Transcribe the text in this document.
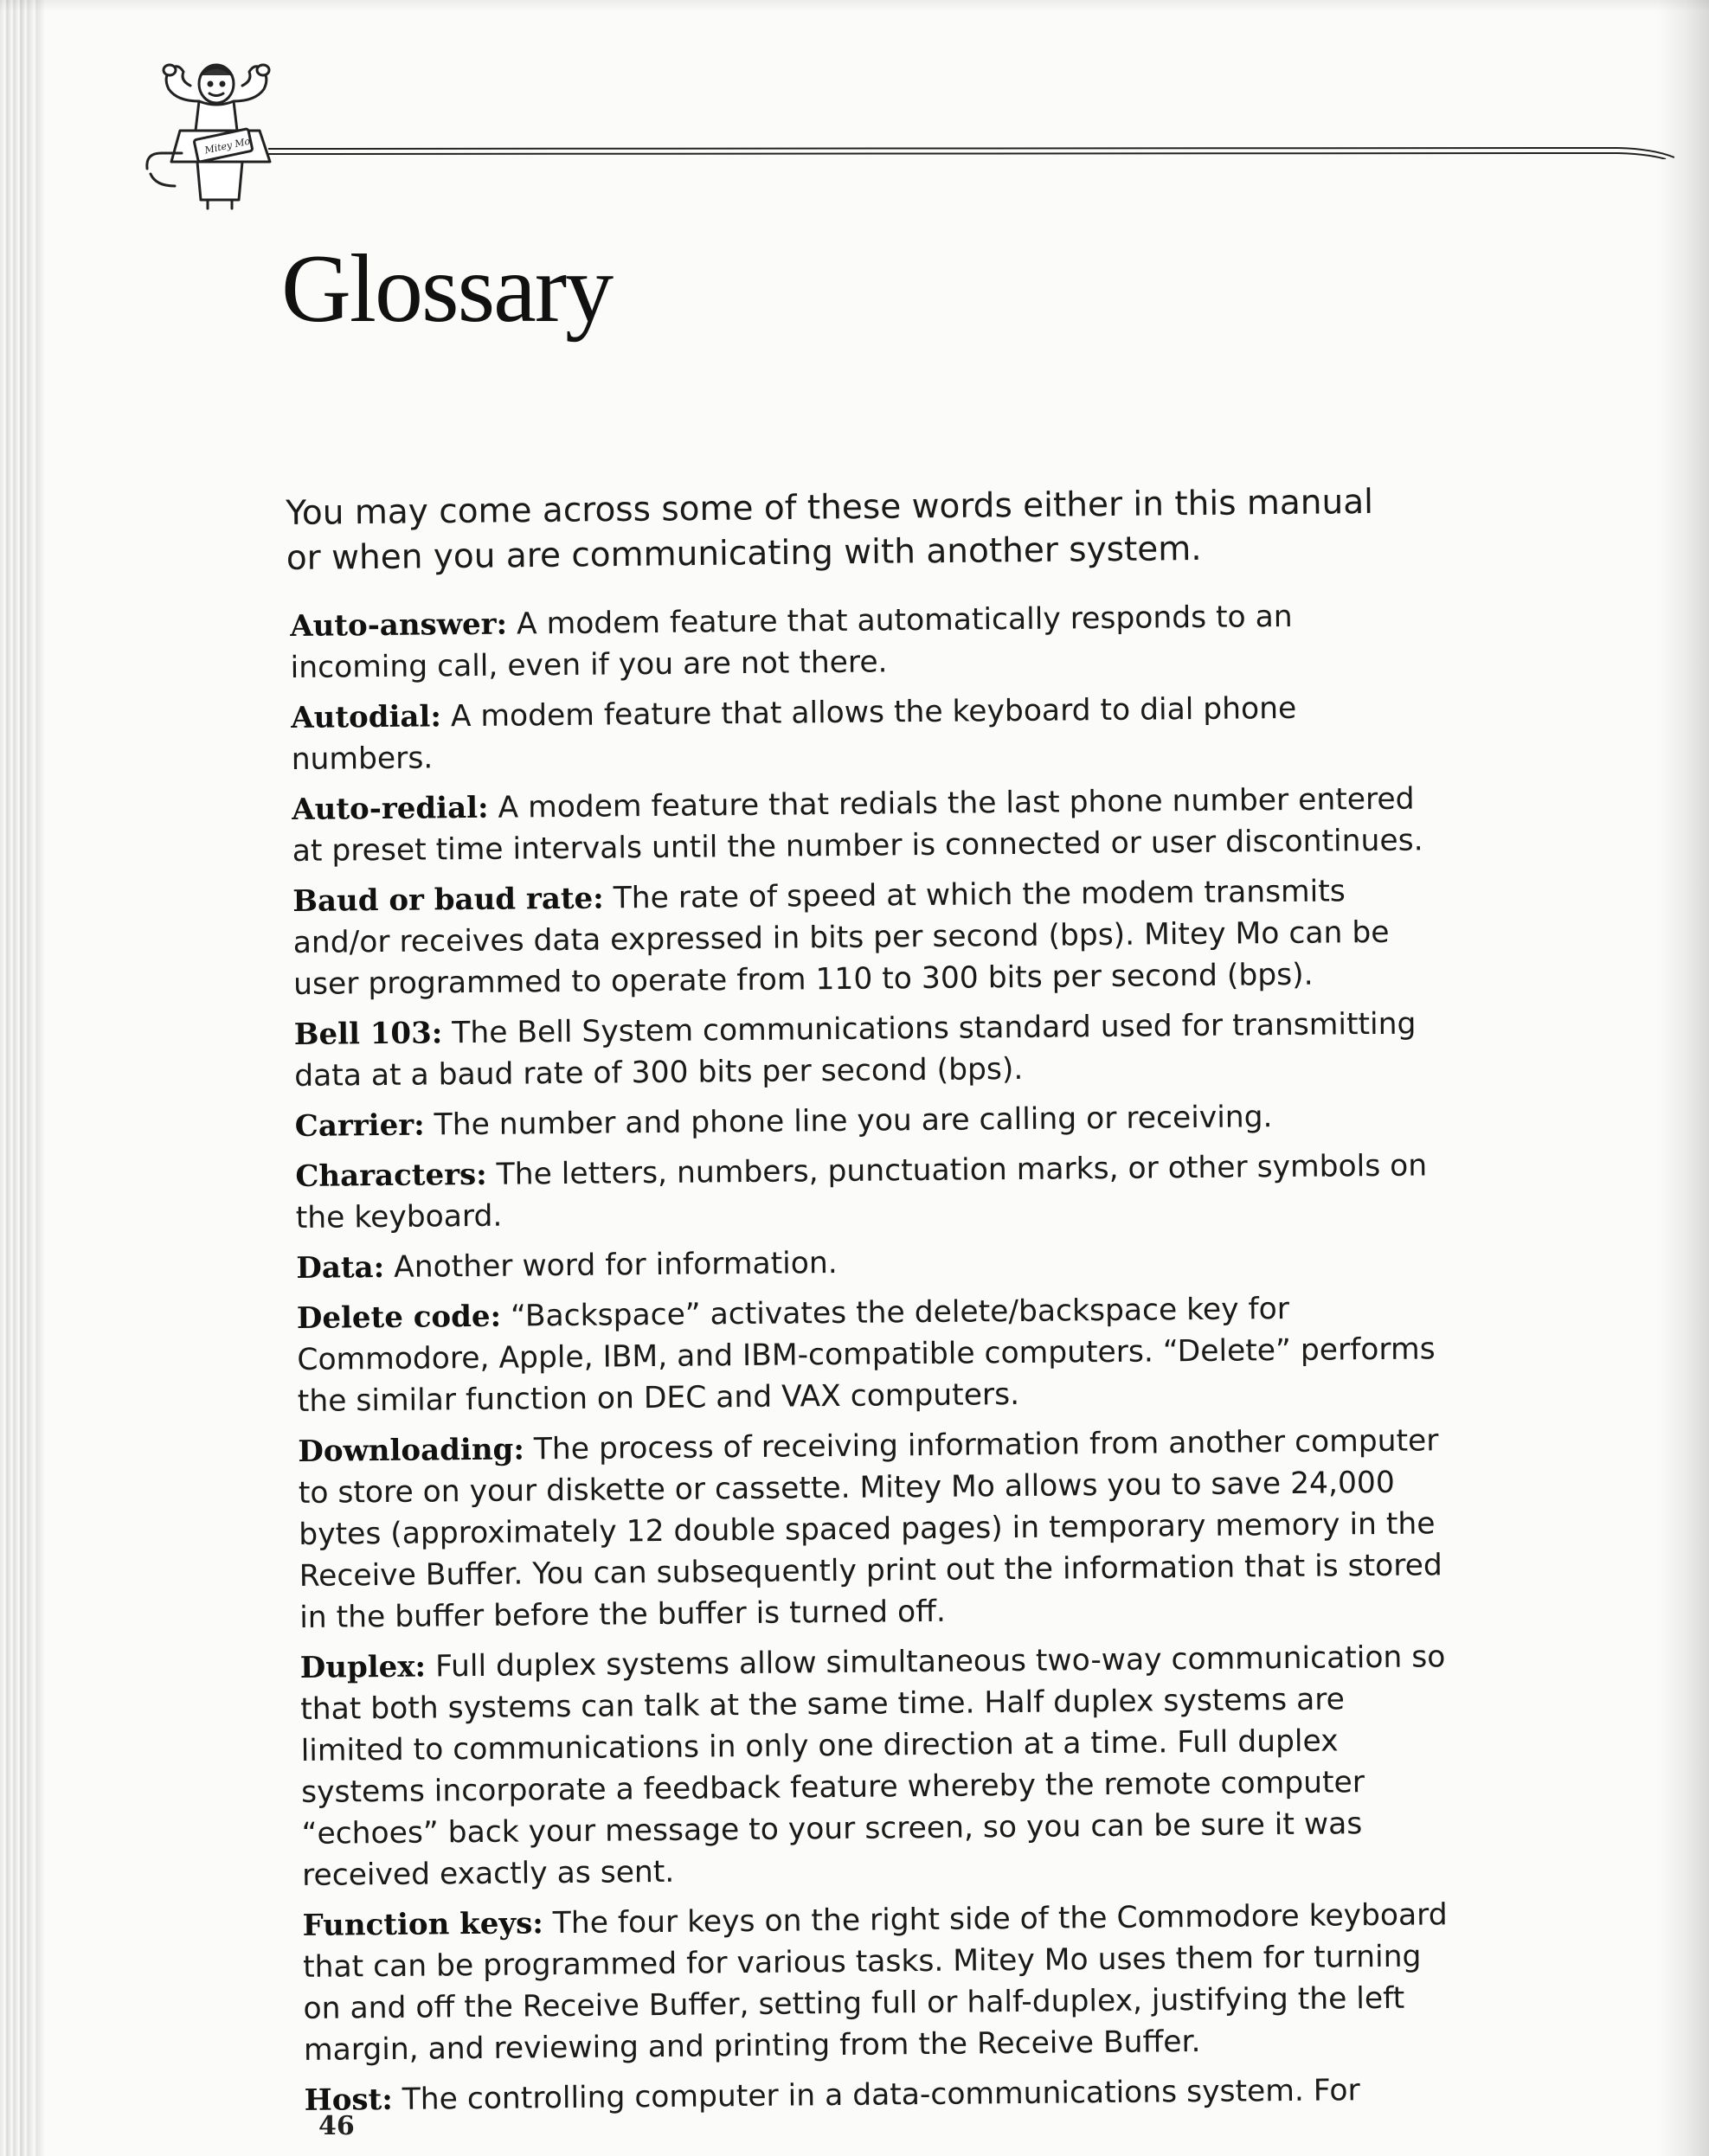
Mitey Mo
Glossary

You may come across some of these words either in this manual or when you are communicating with another system.

Auto-answer: A modem feature that automatically responds to an incoming call, even if you are not there.
Autodial: A modem feature that allows the keyboard to dial phone numbers.
Auto-redial: A modem feature that redials the last phone number entered at preset time intervals until the number is connected or user discontinues.
Baud or baud rate: The rate of speed at which the modem transmits and/or receives data expressed in bits per second (bps). Mitey Mo can be user programmed to operate from 110 to 300 bits per second (bps).
Bell 103: The Bell System communications standard used for transmitting data at a baud rate of 300 bits per second (bps).
Carrier: The number and phone line you are calling or receiving.
Characters: The letters, numbers, punctuation marks, or other symbols on the keyboard.
Data: Another word for information.
Delete code: “Backspace” activates the delete/backspace key for Commodore, Apple, IBM, and IBM-compatible computers. “Delete” performs the similar function on DEC and VAX computers.
Downloading: The process of receiving information from another computer to store on your diskette or cassette. Mitey Mo allows you to save 24,000 bytes (approximately 12 double spaced pages) in temporary memory in the Receive Buffer. You can subsequently print out the information that is stored in the buffer before the buffer is turned off.
Duplex: Full duplex systems allow simultaneous two-way communication so that both systems can talk at the same time. Half duplex systems are limited to communications in only one direction at a time. Full duplex systems incorporate a feedback feature whereby the remote computer “echoes” back your message to your screen, so you can be sure it was received exactly as sent.
Function keys: The four keys on the right side of the Commodore keyboard that can be programmed for various tasks. Mitey Mo uses them for turning on and off the Receive Buffer, setting full or half-duplex, justifying the left margin, and reviewing and printing from the Receive Buffer.
Host: The controlling computer in a data-communications system. For
46
